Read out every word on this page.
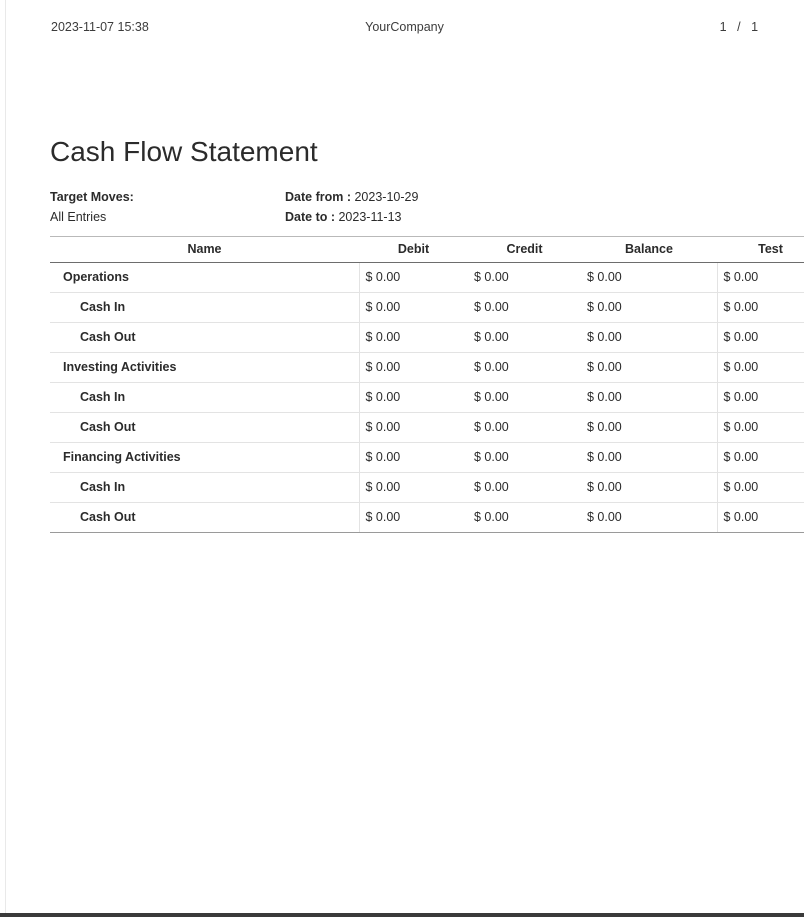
2023-11-07 15:38	YourCompany	1 / 1
Cash Flow Statement
Target Moves:	Date from : 2023-10-29
All Entries	Date to : 2023-11-13
Name	Debit	Credit	Balance	Test
Operations	$ 0.00	$ 0.00	$ 0.00	$ 0.00
Cash In	$ 0.00	$ 0.00	$ 0.00	$ 0.00
Cash Out	$ 0.00	$ 0.00	$ 0.00	$ 0.00
Investing Activities	$ 0.00	$ 0.00	$ 0.00	$ 0.00
Cash In	$ 0.00	$ 0.00	$ 0.00	$ 0.00
Cash Out	$ 0.00	$ 0.00	$ 0.00	$ 0.00
Financing Activities	$ 0.00	$ 0.00	$ 0.00	$ 0.00
Cash In	$ 0.00	$ 0.00	$ 0.00	$ 0.00
Cash Out	$ 0.00	$ 0.00	$ 0.00	$ 0.00
